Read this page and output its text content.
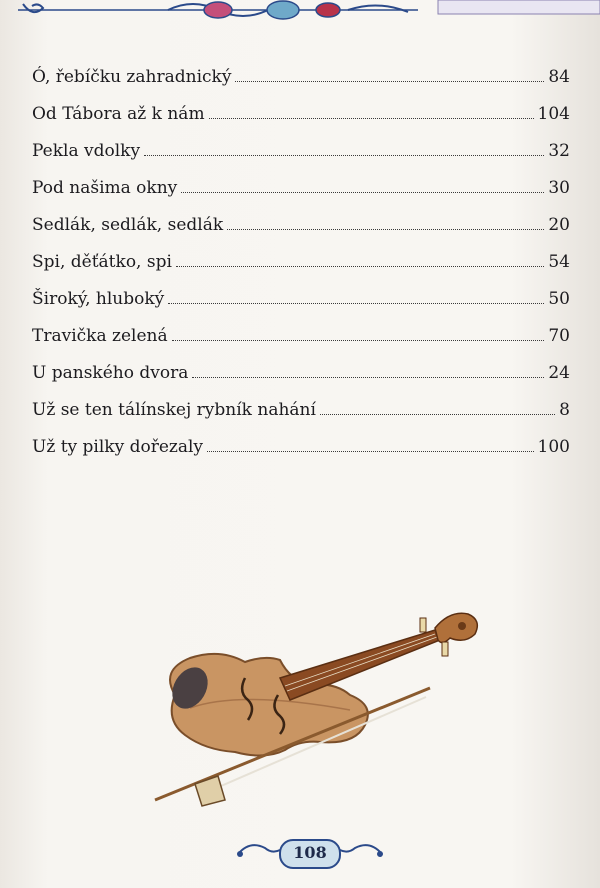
Ó, řebíčku zahradnický	84
Od Tábora až k nám	104
Pekla vdolky	32
Pod našima okny	30
Sedlák, sedlák, sedlák	20
Spi, děťátko, spi	54
Široký, hluboký	50
Travička zelená	70
U panského dvora	24
Už se ten tálínskej rybník nahání	8
Už ty pilky dořezaly	100
108
